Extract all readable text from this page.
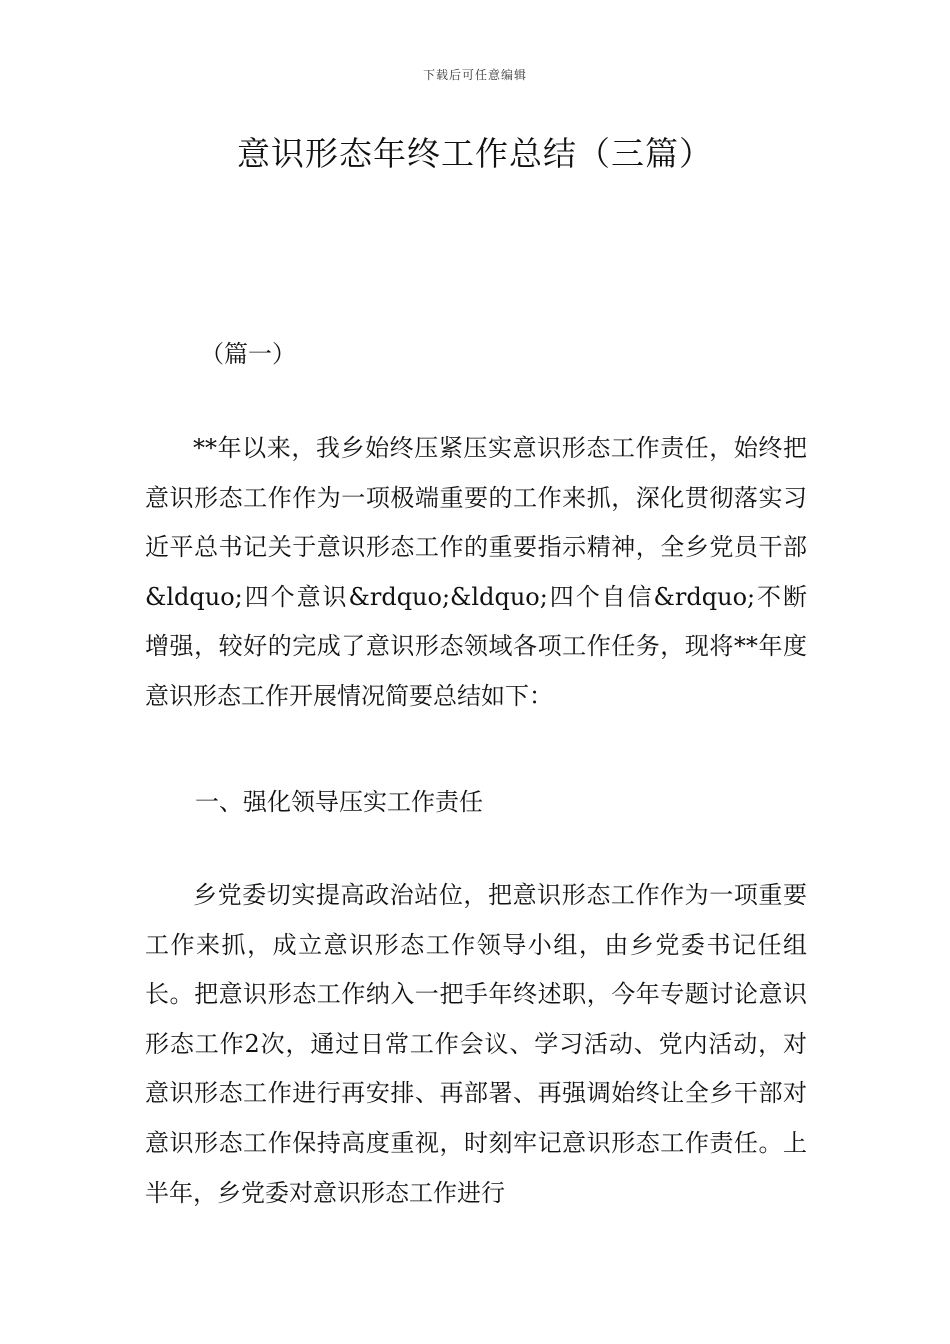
下载后可任意编辑
意识形态年终工作总结（三篇）
（篇一）

**年以来，我乡始终压紧压实意识形态工作责任，始终把意识形态工作作为一项极端重要的工作来抓，深化贯彻落实习近平总书记关于意识形态工作的重要指示精神，全乡党员干部&ldquo;四个意识&rdquo;&ldquo;四个自信&rdquo;不断增强，较好的完成了意识形态领域各项工作任务，现将**年度意识形态工作开展情况简要总结如下：

一、强化领导压实工作责任

乡党委切实提高政治站位，把意识形态工作作为一项重要工作来抓，成立意识形态工作领导小组，由乡党委书记任组长。把意识形态工作纳入一把手年终述职，今年专题讨论意识形态工作2次，通过日常工作会议、学习活动、党内活动，对意识形态工作进行再安排、再部署、再强调始终让全乡干部对意识形态工作保持高度重视，时刻牢记意识形态工作责任。上半年，乡党委对意识形态工作进行
